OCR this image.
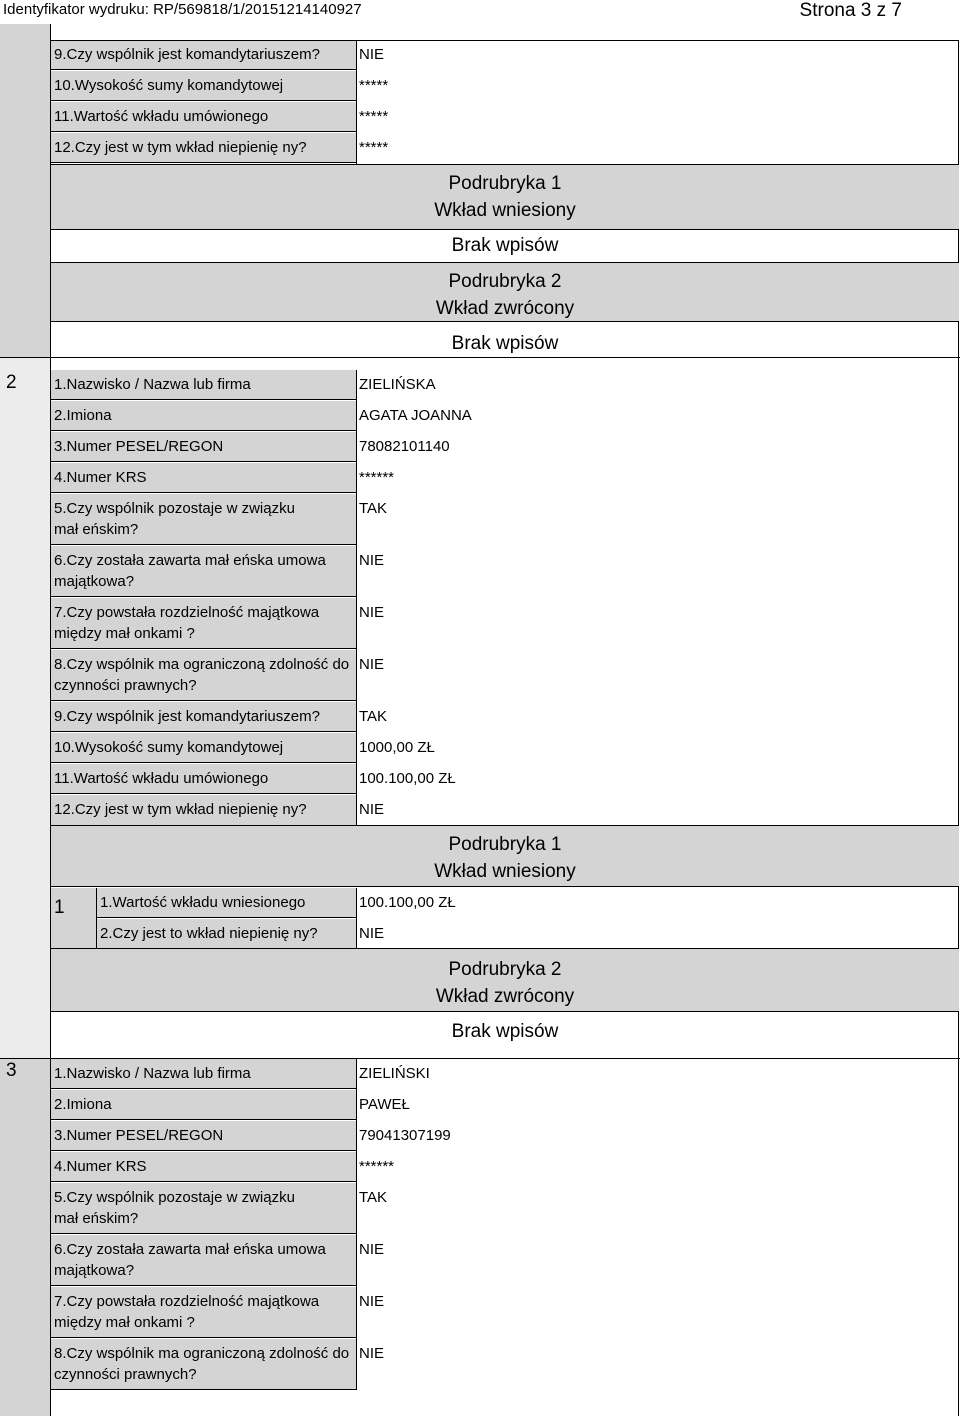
Identyfikator wydruku: RP/569818/1/20151214140927	Strona 3 z 7
9.Czy wspólnik jest komandytariuszem?	NIE
10.Wysokość sumy komandytowej	*****
11.Wartość wkładu umówionego	*****
12.Czy jest w tym wkład niepienię ny?	*****
Podrubryka 1
Wkład wniesiony
Brak wpisów
Podrubryka 2
Wkład zwrócony
Brak wpisów
2 1.Nazwisko / Nazwa lub firma	ZIELIŃSKA
2.Imiona	AGATA JOANNA
3.Numer PESEL/REGON	78082101140
4.Numer KRS	******
5.Czy wspólnik pozostaje w związku
mał eńskim?
TAK
6.Czy została zawarta mał eńska umowa
majątkowa?
NIE
7.Czy powstała rozdzielność majątkowa
między mał onkami ?
NIE
8.Czy wspólnik ma ograniczoną zdolność do
czynności prawnych?
NIE
9.Czy wspólnik jest komandytariuszem?	TAK
10.Wysokość sumy komandytowej	1000,00 ZŁ
11.Wartość wkładu umówionego	100.100,00 ZŁ
12.Czy jest w tym wkład niepienię ny?	NIE
Podrubryka 1
Wkład wniesiony
1 1.Wartość wkładu wniesionego	100.100,00 ZŁ
2.Czy jest to wkład niepienię ny?	NIE
Podrubryka 2
Wkład zwrócony
Brak wpisów
3 1.Nazwisko / Nazwa lub firma	ZIELIŃSKI
2.Imiona	PAWEŁ
3.Numer PESEL/REGON	79041307199
4.Numer KRS	******
5.Czy wspólnik pozostaje w związku
mał eńskim?
TAK
6.Czy została zawarta mał eńska umowa
majątkowa?
NIE
7.Czy powstała rozdzielność majątkowa
między mał onkami ?
NIE
8.Czy wspólnik ma ograniczoną zdolność do
czynności prawnych?
NIE
